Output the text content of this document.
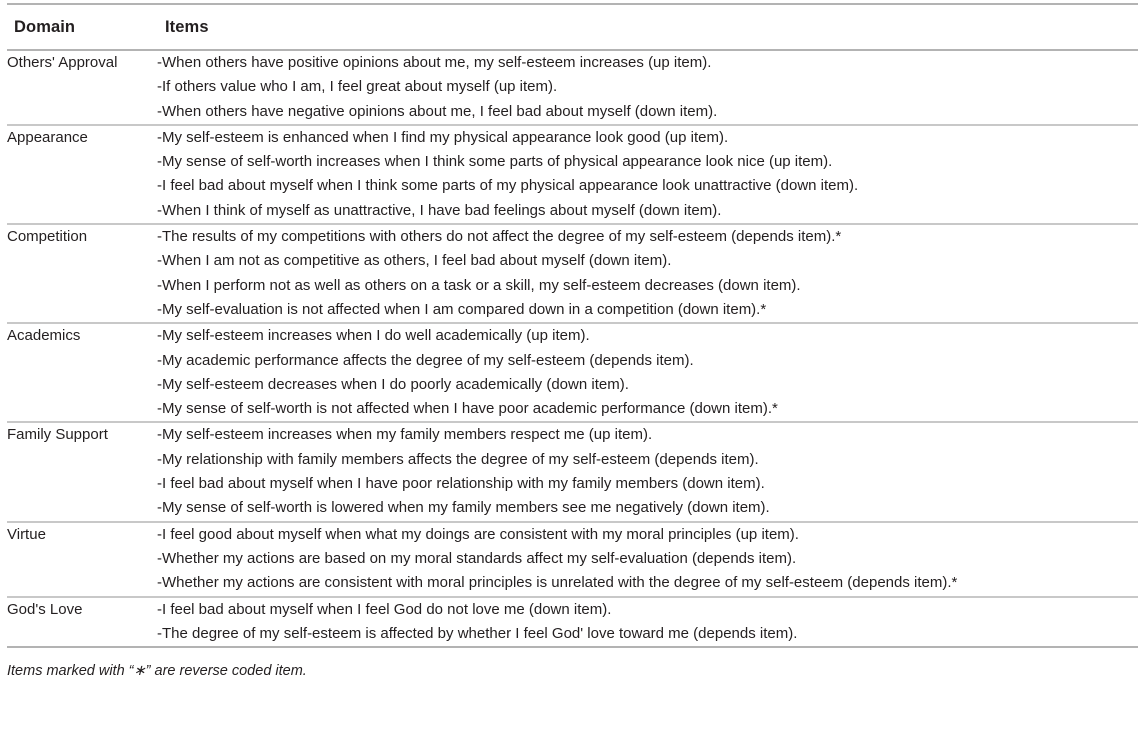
Domain	Items
Others' Approval	-When others have positive opinions about me, my self-esteem increases (up item).
-If others value who I am, I feel great about myself (up item).
-When others have negative opinions about me, I feel bad about myself (down item).

Appearance	-My self-esteem is enhanced when I find my physical appearance look good (up item).
-My sense of self-worth increases when I think some parts of physical appearance look nice (up item).
-I feel bad about myself when I think some parts of my physical appearance look unattractive (down item).
-When I think of myself as unattractive, I have bad feelings about myself (down item).

Competition	-The results of my competitions with others do not affect the degree of my self-esteem (depends item).*
-When I am not as competitive as others, I feel bad about myself (down item).
-When I perform not as well as others on a task or a skill, my self-esteem decreases (down item).
-My self-evaluation is not affected when I am compared down in a competition (down item).*

Academics	-My self-esteem increases when I do well academically (up item).
-My academic performance affects the degree of my self-esteem (depends item).
-My self-esteem decreases when I do poorly academically (down item).
-My sense of self-worth is not affected when I have poor academic performance (down item).*

Family Support	-My self-esteem increases when my family members respect me (up item).
-My relationship with family members affects the degree of my self-esteem (depends item).
-I feel bad about myself when I have poor relationship with my family members (down item).
-My sense of self-worth is lowered when my family members see me negatively (down item).

Virtue	-I feel good about myself when what my doings are consistent with my moral principles (up item).
-Whether my actions are based on my moral standards affect my self-evaluation (depends item).
-Whether my actions are consistent with moral principles is unrelated with the degree of my self-esteem (depends item).*

God's Love	-I feel bad about myself when I feel God do not love me (down item).
-The degree of my self-esteem is affected by whether I feel God' love toward me (depends item).
Items marked with “∗” are reverse coded item.
